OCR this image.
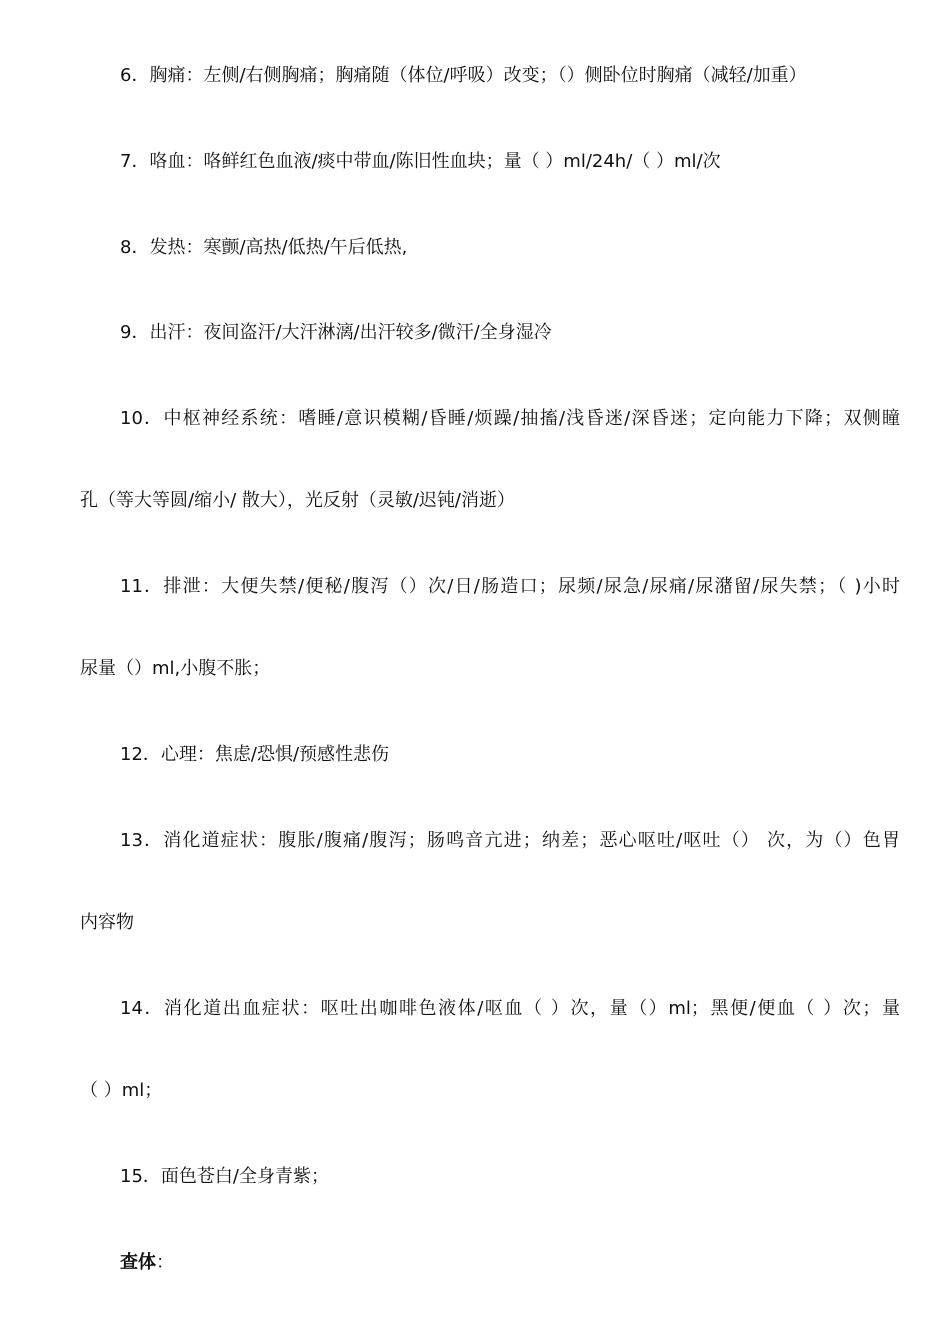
6．胸痛：左侧/右侧胸痛；胸痛随（体位/呼吸）改变；（）侧卧位时胸痛（减轻/加重）
7．咯血：咯鲜红色血液/痰中带血/陈旧性血块；量（ ）ml/24h/（ ）ml/次
8．发热：寒颤/高热/低热/午后低热,
9．出汗：夜间盗汗/大汗淋漓/出汗较多/微汗/全身湿冷
10．中枢神经系统：嗜睡/意识模糊/昏睡/烦躁/抽搐/浅昏迷/深昏迷；定向能力下降；双侧瞳
孔（等大等圆/缩小/ 散大），光反射（灵敏/迟钝/消逝）
11．排泄：大便失禁/便秘/腹泻（）次/日/肠造口；尿频/尿急/尿痛/尿潴留/尿失禁；（ )小时
尿量（）ml,小腹不胀；
12．心理：焦虑/恐惧/预感性悲伤
13．消化道症状：腹胀/腹痛/腹泻；肠鸣音亢进；纳差；恶心呕吐/呕吐（） 次，为（）色胃
内容物
14．消化道出血症状：呕吐出咖啡色液体/呕血（ ）次，量（）ml；黑便/便血（ ）次；量
（ ）ml；
15．面色苍白/全身青紫；
查体：
